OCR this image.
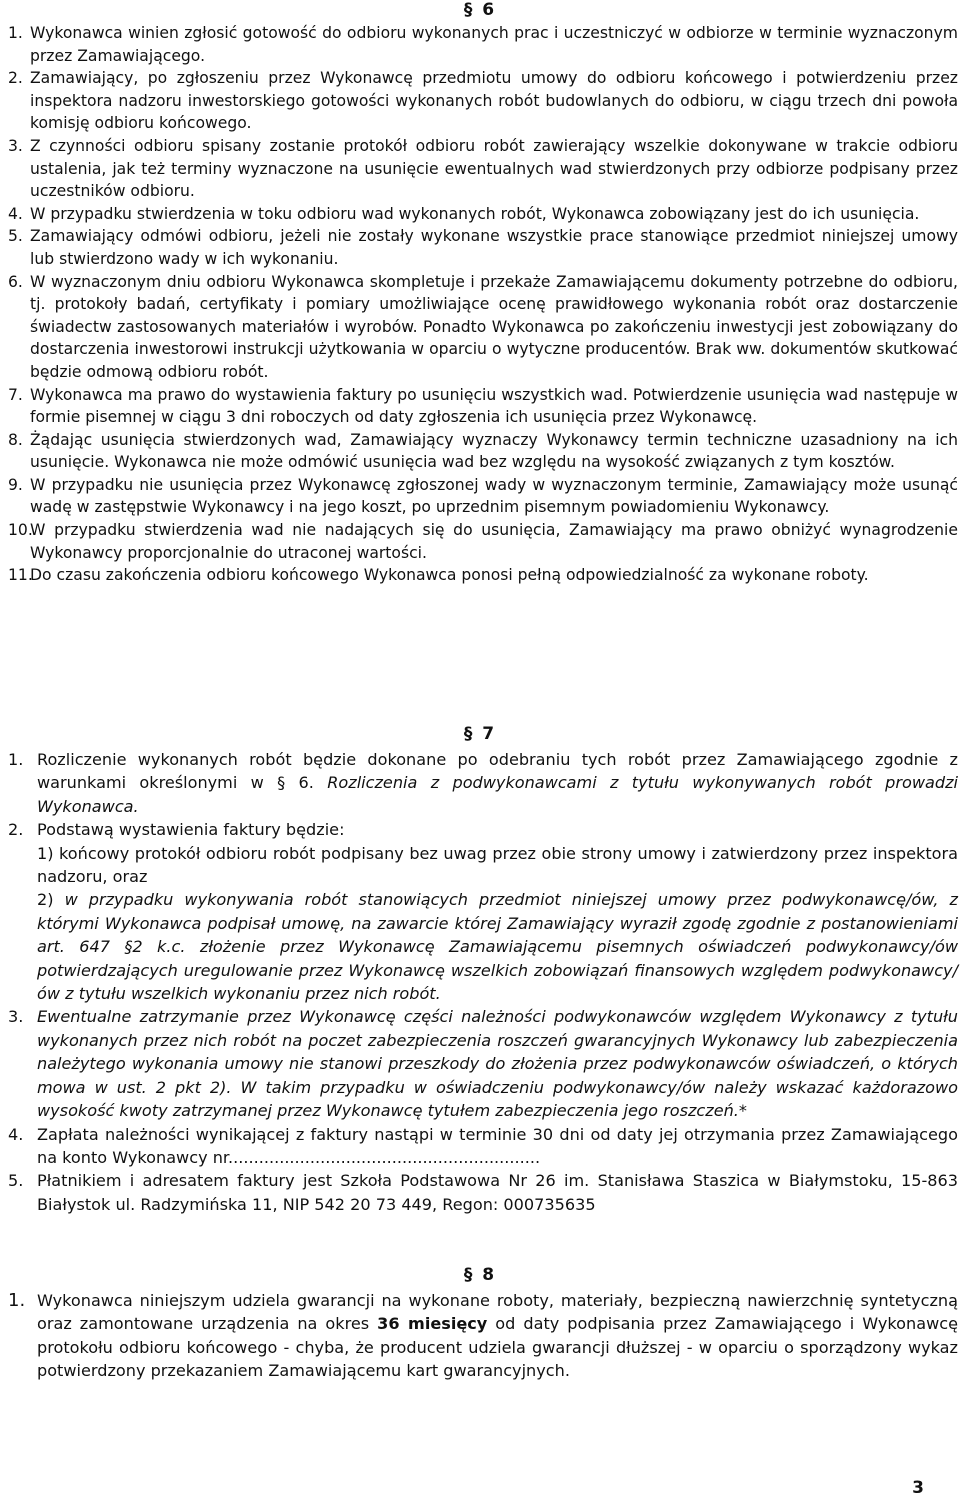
§ 6
1. Wykonawca winien zgłosić gotowość do odbioru wykonanych prac i uczestniczyć w odbiorze w terminie wyznaczonym przez Zamawiającego.
2. Zamawiający, po zgłoszeniu przez Wykonawcę przedmiotu umowy do odbioru końcowego i potwierdzeniu przez inspektora nadzoru inwestorskiego gotowości wykonanych robót budowlanych do odbioru, w ciągu trzech dni powoła komisję odbioru końcowego.
3. Z czynności odbioru spisany zostanie protokół odbioru robót zawierający wszelkie dokonywane w trakcie odbioru ustalenia, jak też terminy wyznaczone na usunięcie ewentualnych wad stwierdzonych przy odbiorze podpisany przez uczestników odbioru.
4. W przypadku stwierdzenia w toku odbioru wad wykonanych robót, Wykonawca zobowiązany jest do ich usunięcia.
5. Zamawiający odmówi odbioru, jeżeli nie zostały wykonane wszystkie prace stanowiące przedmiot niniejszej umowy lub stwierdzono wady w ich wykonaniu.
6. W wyznaczonym dniu odbioru Wykonawca skompletuje i przekaże Zamawiającemu dokumenty potrzebne do odbioru, tj. protokoły badań, certyfikaty i pomiary umożliwiające ocenę prawidłowego wykonania robót oraz dostarczenie świadectw zastosowanych materiałów i wyrobów. Ponadto Wykonawca po zakończeniu inwestycji jest zobowiązany do dostarczenia inwestorowi instrukcji użytkowania w oparciu o wytyczne producentów. Brak ww. dokumentów skutkować będzie odmową odbioru robót.
7. Wykonawca ma prawo do wystawienia faktury po usunięciu wszystkich wad. Potwierdzenie usunięcia wad następuje w formie pisemnej w ciągu 3 dni roboczych od daty zgłoszenia ich usunięcia przez Wykonawcę.
8. Żądając usunięcia stwierdzonych wad, Zamawiający wyznaczy Wykonawcy termin techniczne uzasadniony na ich usunięcie. Wykonawca nie może odmówić usunięcia wad bez względu na wysokość związanych z tym kosztów.
9. W przypadku nie usunięcia przez Wykonawcę zgłoszonej wady w wyznaczonym terminie, Zamawiający może usunąć wadę w zastępstwie Wykonawcy i na jego koszt, po uprzednim pisemnym powiadomieniu Wykonawcy.
10.
W przypadku stwierdzenia wad nie nadających się do usunięcia, Zamawiający ma prawo obniżyć wynagrodzenie Wykonawcy proporcjonalnie do utraconej wartości.
11.
Do czasu zakończenia odbioru końcowego Wykonawca ponosi pełną odpowiedzialność za wykonane roboty.
§ 7
1. Rozliczenie wykonanych robót będzie dokonane po odebraniu tych robót przez Zamawiającego zgodnie z warunkami określonymi w § 6. Rozliczenia z podwykonawcami z tytułu wykonywanych robót prowadzi Wykonawca.
2. Podstawą wystawienia faktury będzie:
1) końcowy protokół odbioru robót podpisany bez uwag przez obie strony umowy i zatwierdzony przez inspektora nadzoru, oraz
2) w przypadku wykonywania robót stanowiących przedmiot niniejszej umowy przez podwykonawcę/ów, z którymi Wykonawca podpisał umowę, na zawarcie której Zamawiający wyraził zgodę zgodnie z postanowieniami art. 647 §2 k.c. złożenie przez Wykonawcę Zamawiającemu pisemnych oświadczeń podwykonawcy/ów potwierdzających uregulowanie przez Wykonawcę wszelkich zobowiązań finansowych względem podwykonawcy/ów z tytułu wszelkich wykonaniu przez nich robót.
3. Ewentualne zatrzymanie przez Wykonawcę części należności podwykonawców względem Wykonawcy z tytułu wykonanych przez nich robót na poczet zabezpieczenia roszczeń gwarancyjnych Wykonawcy lub zabezpieczenia należytego wykonania umowy nie stanowi przeszkody do złożenia przez podwykonawców oświadczeń, o których mowa w ust. 2 pkt 2). W takim przypadku w oświadczeniu podwykonawcy/ów należy wskazać każdorazowo wysokość kwoty zatrzymanej przez Wykonawcę tytułem zabezpieczenia jego roszczeń.*
4. Zapłata należności wynikającej z faktury nastąpi w terminie 30 dni od daty jej otrzymania przez Zamawiającego na konto Wykonawcy nr.............................................................
5. Płatnikiem i adresatem faktury jest Szkoła Podstawowa Nr 26 im. Stanisława Staszica w Białymstoku, 15-863 Białystok ul. Radzymińska 11, NIP 542 20 73 449, Regon: 000735635
§ 8
1. Wykonawca niniejszym udziela gwarancji na wykonane roboty, materiały, bezpieczną nawierzchnię syntetyczną oraz zamontowane urządzenia na okres 36 miesięcy od daty podpisania przez Zamawiającego i Wykonawcę protokołu odbioru końcowego - chyba, że producent udziela gwarancji dłuższej - w oparciu o sporządzony wykaz potwierdzony przekazaniem Zamawiającemu kart gwarancyjnych.
3
